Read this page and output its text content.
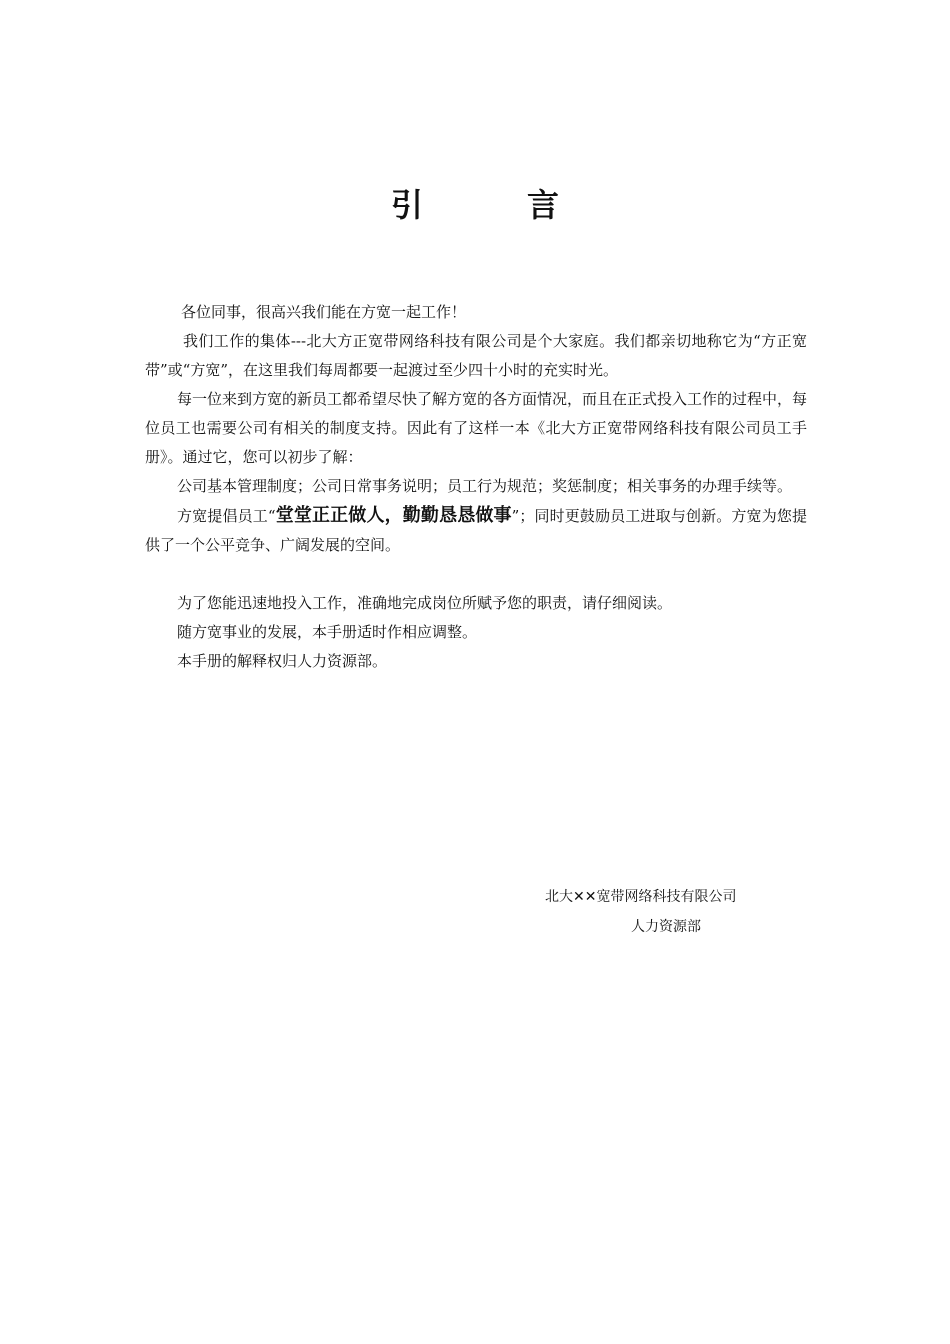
引　言

各位同事，很高兴我们能在方宽一起工作！

我们工作的集体---北大方正宽带网络科技有限公司是个大家庭。我们都亲切地称它为“方正宽带”或“方宽”，在这里我们每周都要一起渡过至少四十小时的充实时光。

每一位来到方宽的新员工都希望尽快了解方宽的各方面情况，而且在正式投入工作的过程中，每位员工也需要公司有相关的制度支持。因此有了这样一本《北大方正宽带网络科技有限公司员工手册》。通过它，您可以初步了解：

公司基本管理制度；公司日常事务说明；员工行为规范；奖惩制度；相关事务的办理手续等。

方宽提倡员工“堂堂正正做人，勤勤恳恳做事”；同时更鼓励员工进取与创新。方宽为您提供了一个公平竞争、广阔发展的空间。

为了您能迅速地投入工作，准确地完成岗位所赋予您的职责，请仔细阅读。

随方宽事业的发展，本手册适时作相应调整。

本手册的解释权归人力资源部。

北大✕✕宽带网络科技有限公司
人力资源部
